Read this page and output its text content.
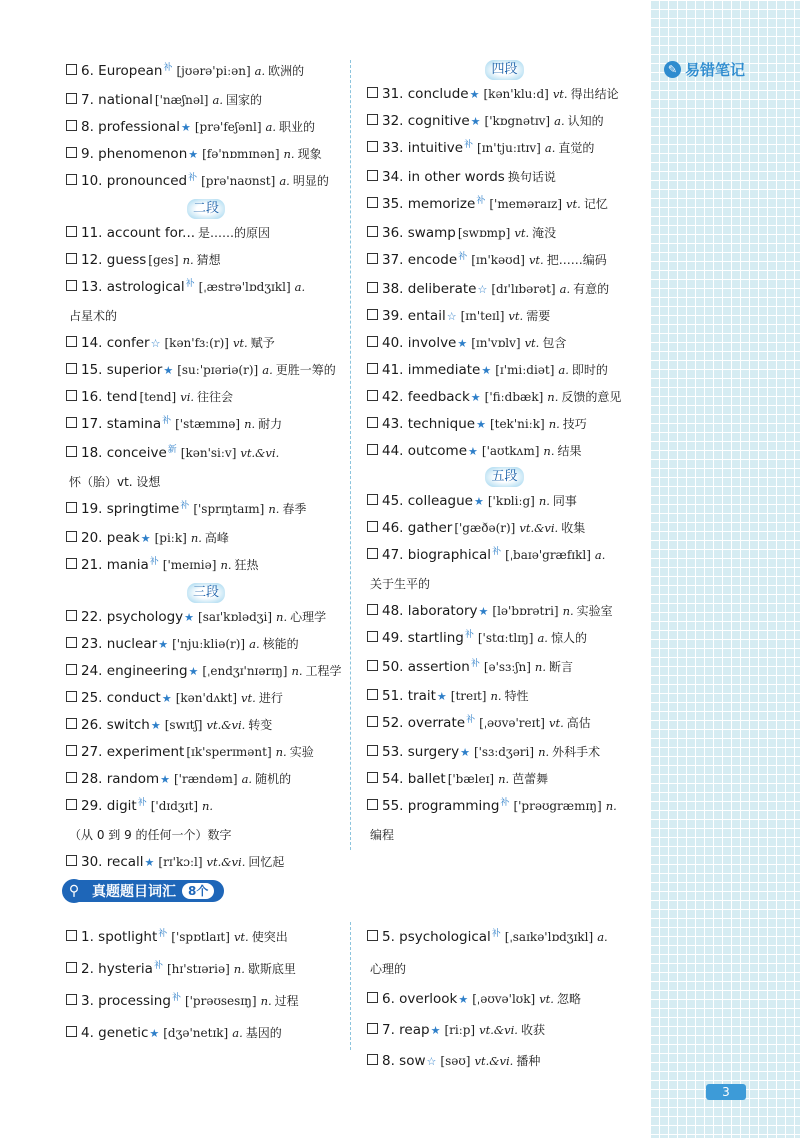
✎ 易错笔记
6. European 补 [jʊərə'piːən] a. 欧洲的
7. national ['næʃnəl] a. 国家的
8. professional ★ [prə'feʃənl] a. 职业的
9. phenomenon ★ [fə'nɒmɪnən] n. 现象
10. pronounced 补 [prə'naʊnst] a. 明显的
二段
11. account for... 是……的原因
12. guess [ges] n. 猜想
13. astrological 补 [ˌæstrə'lɒdʒɪkl] a.
占星术的
14. confer ☆ [kən'fɜː(r)] vt. 赋予
15. superior ★ [suː'pɪəriə(r)] a. 更胜一筹的
16. tend [tend] vi. 往往会
17. stamina 补 ['stæmɪnə] n. 耐力
18. conceive 新 [kən'siːv] vt.&vi.
怀（胎）vt. 设想
19. springtime 补 ['sprɪŋtaɪm] n. 春季
20. peak ★ [piːk] n. 高峰
21. mania 补 ['meɪniə] n. 狂热
三段
22. psychology ★ [saɪ'kɒlədʒi] n. 心理学
23. nuclear ★ ['njuːkliə(r)] a. 核能的
24. engineering ★ [ˌendʒɪ'nɪərɪŋ] n. 工程学
25. conduct ★ [kən'dʌkt] vt. 进行
26. switch ★ [swɪtʃ] vt.&vi. 转变
27. experiment [ɪk'sperɪmənt] n. 实验
28. random ★ ['rændəm] a. 随机的
29. digit 补 ['dɪdʒɪt] n.
（从 0 到 9 的任何一个）数字
30. recall ★ [rɪ'kɔːl] vt.&vi. 回忆起
四段
31. conclude ★ [kən'kluːd] vt. 得出结论
32. cognitive ★ ['kɒgnətɪv] a. 认知的
33. intuitive 补 [ɪn'tjuːɪtɪv] a. 直觉的
34. in other words 换句话说
35. memorize 补 ['meməraɪz] vt. 记忆
36. swamp [swɒmp] vt. 淹没
37. encode 补 [ɪn'kəʊd] vt. 把……编码
38. deliberate ☆ [dɪ'lɪbərət] a. 有意的
39. entail ☆ [ɪn'teɪl] vt. 需要
40. involve ★ [ɪn'vɒlv] vt. 包含
41. immediate ★ [ɪ'miːdiət] a. 即时的
42. feedback ★ ['fiːdbæk] n. 反馈的意见
43. technique ★ [tek'niːk] n. 技巧
44. outcome ★ ['aʊtkʌm] n. 结果
五段
45. colleague ★ ['kɒliːg] n. 同事
46. gather ['gæðə(r)] vt.&vi. 收集
47. biographical 补 [ˌbaɪə'græfɪkl] a.
关于生平的
48. laboratory ★ [lə'bɒrətri] n. 实验室
49. startling 补 ['stɑːtlɪŋ] a. 惊人的
50. assertion 补 [ə'sɜːʃn] n. 断言
51. trait ★ [treɪt] n. 特性
52. overrate 补 [ˌəʊvə'reɪt] vt. 高估
53. surgery ★ ['sɜːdʒəri] n. 外科手术
54. ballet ['bæleɪ] n. 芭蕾舞
55. programming 补 ['prəʊgræmɪŋ] n.
编程
⚲ 真题题目词汇	8个
1. spotlight 补 ['spɒtlaɪt] vt. 使突出
2. hysteria 补 [hɪ'stɪəriə] n. 歇斯底里
3. processing 补 ['prəʊsesɪŋ] n. 过程
4. genetic ★ [dʒə'netɪk] a. 基因的
5. psychological 补 [ˌsaɪkə'lɒdʒɪkl] a.
心理的
6. overlook ★ [ˌəʊvə'lʊk] vt. 忽略
7. reap ★ [riːp] vt.&vi. 收获
8. sow ☆ [səʊ] vt.&vi. 播种
3
